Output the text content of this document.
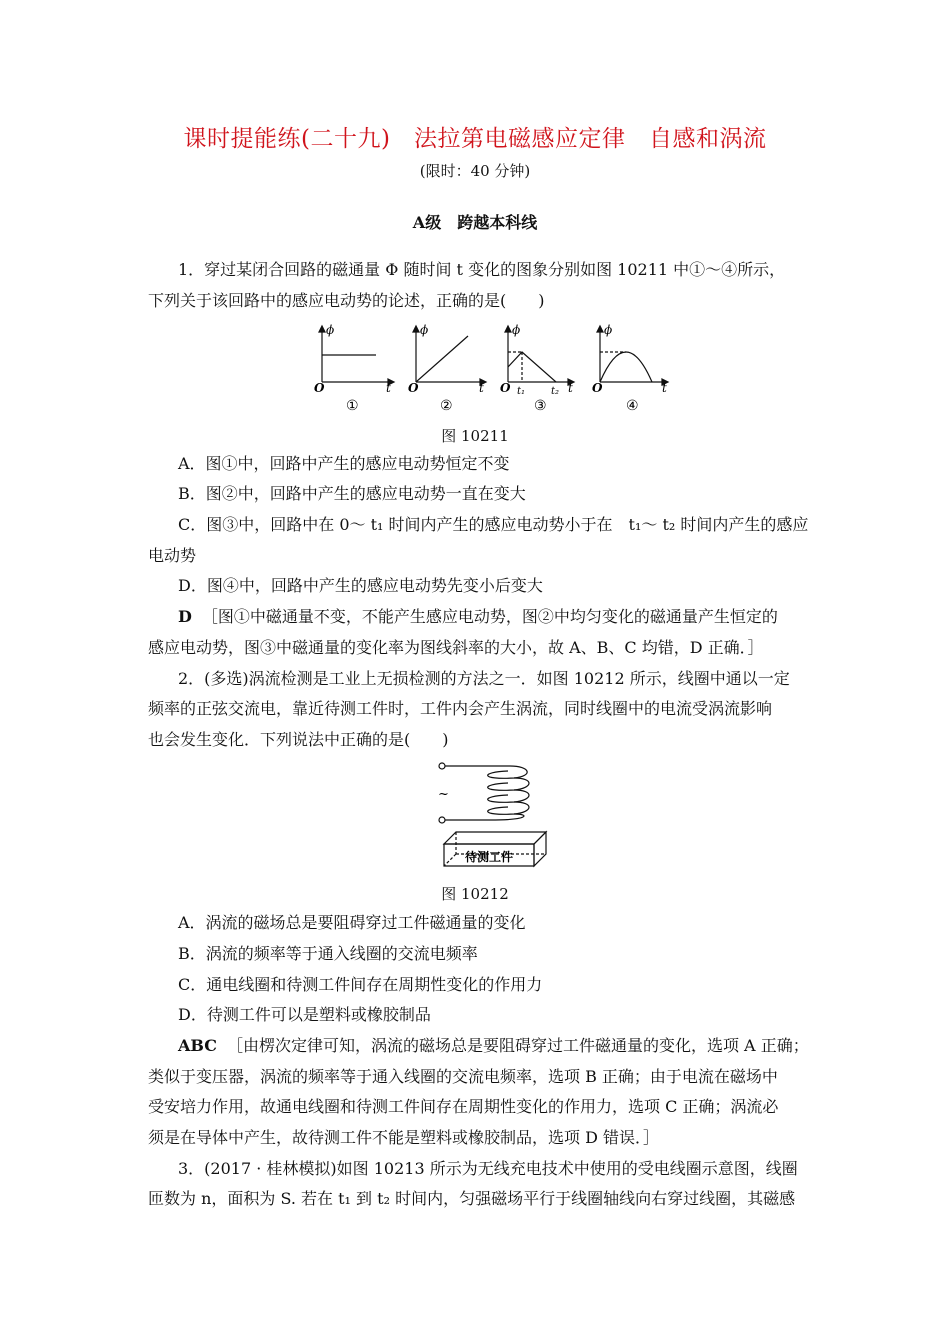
课时提能练(二十九)　法拉第电磁感应定律　自感和涡流
(限时：40 分钟)
A级　跨越本科线
1．穿过某闭合回路的磁通量 Φ 随时间 t 变化的图象分别如图 10211 中①～④所示，
下列关于该回路中的感应电动势的论述，正确的是(　　)
ϕ
O	t
①
ϕ
O	t
②
ϕ
O t₁	t₂ t
③
ϕ
O	t
④
图 10211
A．图①中，回路中产生的感应电动势恒定不变
B．图②中，回路中产生的感应电动势一直在变大
C．图③中，回路中在 0～ t₁ 时间内产生的感应电动势小于在　t₁～ t₂ 时间内产生的感应
电动势
D．图④中，回路中产生的感应电动势先变小后变大
D ［图①中磁通量不变，不能产生感应电动势，图②中均匀变化的磁通量产生恒定的
感应电动势，图③中磁通量的变化率为图线斜率的大小，故 A、B、C 均错，D 正确．］
2．(多选)涡流检测是工业上无损检测的方法之一．如图 10212 所示，线圈中通以一定
频率的正弦交流电，靠近待测工件时，工件内会产生涡流，同时线圈中的电流受涡流影响
也会发生变化．下列说法中正确的是(　　)
~
待测工件
图 10212
A．涡流的磁场总是要阻碍穿过工件磁通量的变化
B．涡流的频率等于通入线圈的交流电频率
C．通电线圈和待测工件间存在周期性变化的作用力
D．待测工件可以是塑料或橡胶制品
ABC ［由楞次定律可知，涡流的磁场总是要阻碍穿过工件磁通量的变化，选项 A 正确；
类似于变压器，涡流的频率等于通入线圈的交流电频率，选项 B 正确；由于电流在磁场中
受安培力作用，故通电线圈和待测工件间存在周期性变化的作用力，选项 C 正确；涡流必
须是在导体中产生，故待测工件不能是塑料或橡胶制品，选项 D 错误．］
3．(2017 · 桂林模拟)如图 10213 所示为无线充电技术中使用的受电线圈示意图，线圈
匝数为 n，面积为 S. 若在 t₁ 到 t₂ 时间内，匀强磁场平行于线圈轴线向右穿过线圈，其磁感
